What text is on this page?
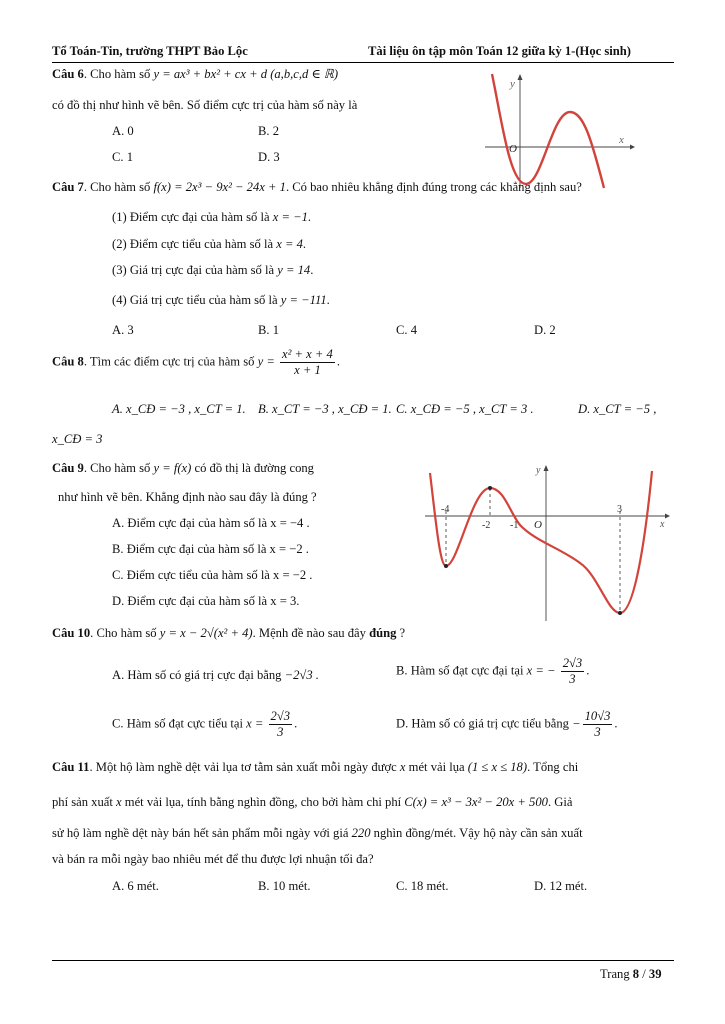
Tổ Toán-Tin, trường THPT Bảo Lộc	Tài liệu ôn tập môn Toán 12 giữa kỳ 1-(Học sinh)
Câu 6. Cho hàm số y = ax³ + bx² + cx + d (a,b,c,d ∈ ℝ)
có đồ thị như hình vẽ bên. Số điểm cực trị của hàm số này là
A. 0	B. 2
C. 1	D. 3
y
x
O
Câu 7. Cho hàm số f(x) = 2x³ − 9x² − 24x + 1. Có bao nhiêu khẳng định đúng trong các khẳng định sau?
(1) Điểm cực đại của hàm số là x = −1.
(2) Điểm cực tiểu của hàm số là x = 4.
(3) Giá trị cực đại của hàm số là y = 14.
(4) Giá trị cực tiểu của hàm số là y = −111.
A. 3	B. 1	C. 4	D. 2
Câu 8. Tìm các điểm cực trị của hàm số $y = \frac{\text{x² + x + 4}}{x + 1}$ .
A. x_CĐ = −3 , x_CT = 1. B. x_CT = −3 , x_CĐ = 1. C. x_CĐ = −5 , x_CT = 3 .	D. x_CT = −5 ,
x_CĐ = 3
Câu 9. Cho hàm số y = f(x) có đồ thị là đường cong
như hình vẽ bên. Khẳng định nào sau đây là đúng ?
A. Điểm cực đại của hàm số là x = −4 .
B. Điểm cực đại của hàm số là x = −2 .
C. Điểm cực tiểu của hàm số là x = −2 .
D. Điểm cực đại của hàm số là x = 3.
y
x
O
-4
-2 -1
3
Câu 10. Cho hàm số y = x − 2√(x² + 4). Mệnh đề nào sau đây đúng ?
A. Hàm số có giá trị cực đại bằng −2√3 .	B. Hàm số đạt cực đại tại x = − $\frac{2√3}{3}$ .
C. Hàm số đạt cực tiểu tại $x = \frac{2√3}{3}$ .	D. Hàm số có giá trị cực tiểu bằng − $\frac{10√3}{3}$ .
Câu 11. Một hộ làm nghề dệt vải lụa tơ tằm sản xuất mỗi ngày được x mét vải lụa (1 ≤ x ≤ 18). Tổng chi
phí sản xuất x mét vải lụa, tính bằng nghìn đồng, cho bởi hàm chi phí C(x) = x³ − 3x² − 20x + 500. Giả
sử hộ làm nghề dệt này bán hết sản phẩm mỗi ngày với giá 220 nghìn đồng/mét. Vậy hộ này cần sản xuất
và bán ra mỗi ngày bao nhiêu mét để thu được lợi nhuận tối đa?
A. 6 mét.	B. 10 mét.	C. 18 mét.	D. 12 mét.
Trang 8 / 39
